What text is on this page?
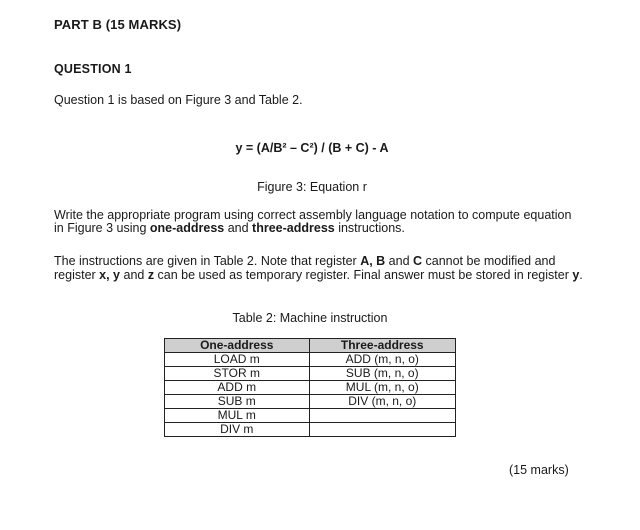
PART B (15 MARKS)
QUESTION 1
Question 1 is based on Figure 3 and Table 2.
y = (A/B² – C²) / (B + C) - A
Figure 3: Equation r
Write the appropriate program using correct assembly language notation to compute equation in Figure 3 using one-address and three-address instructions.
The instructions are given in Table 2. Note that register A, B and C cannot be modified and register x, y and z can be used as temporary register. Final answer must be stored in register y.
Table 2: Machine instruction
One-address	Three-address
LOAD m	ADD (m, n, o)
STOR m	SUB (m, n, o)
ADD m	MUL (m, n, o)
SUB m	DIV (m, n, o)
MUL m	
DIV m	
(15 marks)
